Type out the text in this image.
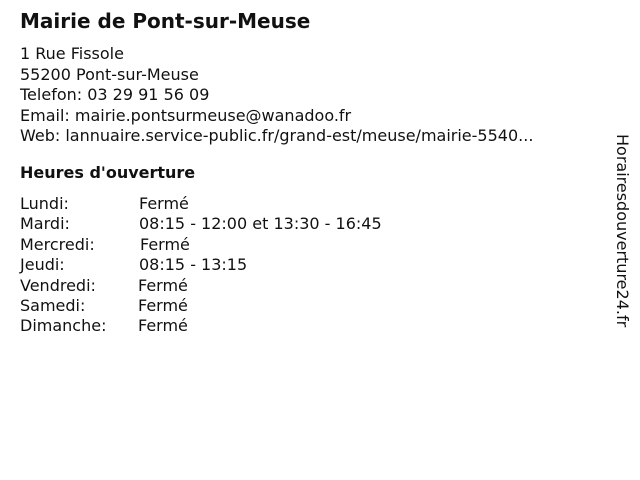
Mairie de Pont-sur-Meuse
1 Rue Fissole
55200 Pont-sur-Meuse
Telefon: 03 29 91 56 09
Email: mairie.pontsurmeuse@wanadoo.fr
Web: lannuaire.service-public.fr/grand-est/meuse/mairie-5540...
Heures d'ouverture
Lundi:	Fermé
Mardi:	08:15 - 12:00 et 13:30 - 16:45
Mercredi:	Fermé
Jeudi:	08:15 - 13:15
Vendredi:	Fermé
Samedi:	Fermé
Dimanche: Fermé	Horairesdouverture24.fr
